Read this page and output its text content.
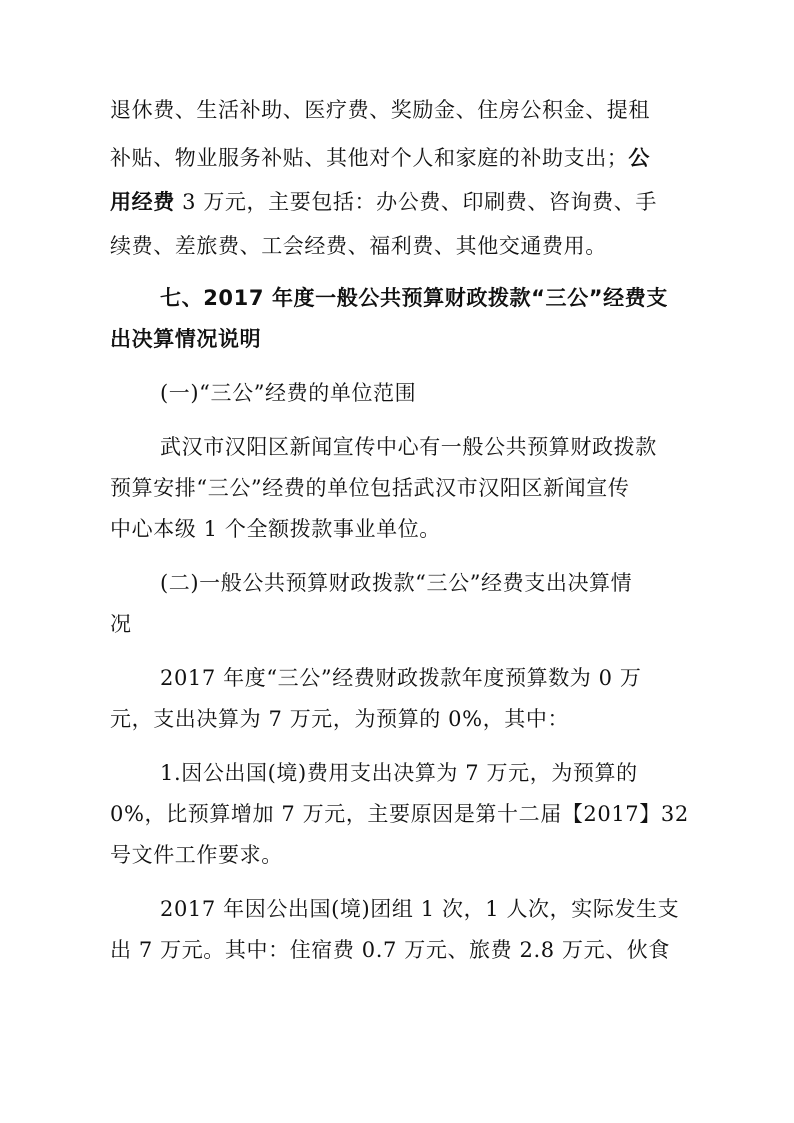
退休费、生活补助、医疗费、奖励金、住房公积金、提租
补贴、物业服务补贴、其他对个人和家庭的补助支出；公
用经费 3 万元，主要包括：办公费、印刷费、咨询费、手
续费、差旅费、工会经费、福利费、其他交通费用。
七、2017 年度一般公共预算财政拨款“三公”经费支
出决算情况说明
(一)“三公”经费的单位范围
武汉市汉阳区新闻宣传中心有一般公共预算财政拨款
预算安排“三公”经费的单位包括武汉市汉阳区新闻宣传
中心本级 1 个全额拨款事业单位。
(二)一般公共预算财政拨款“三公”经费支出决算情
况
2017 年度“三公”经费财政拨款年度预算数为 0 万
元，支出决算为 7 万元，为预算的 0%，其中：
1.因公出国(境)费用支出决算为 7 万元，为预算的
0%，比预算增加 7 万元，主要原因是第十二届【2017】32
号文件工作要求。
2017 年因公出国(境)团组 1 次，1 人次，实际发生支
出 7 万元。其中：住宿费 0.7 万元、旅费 2.8 万元、伙食
